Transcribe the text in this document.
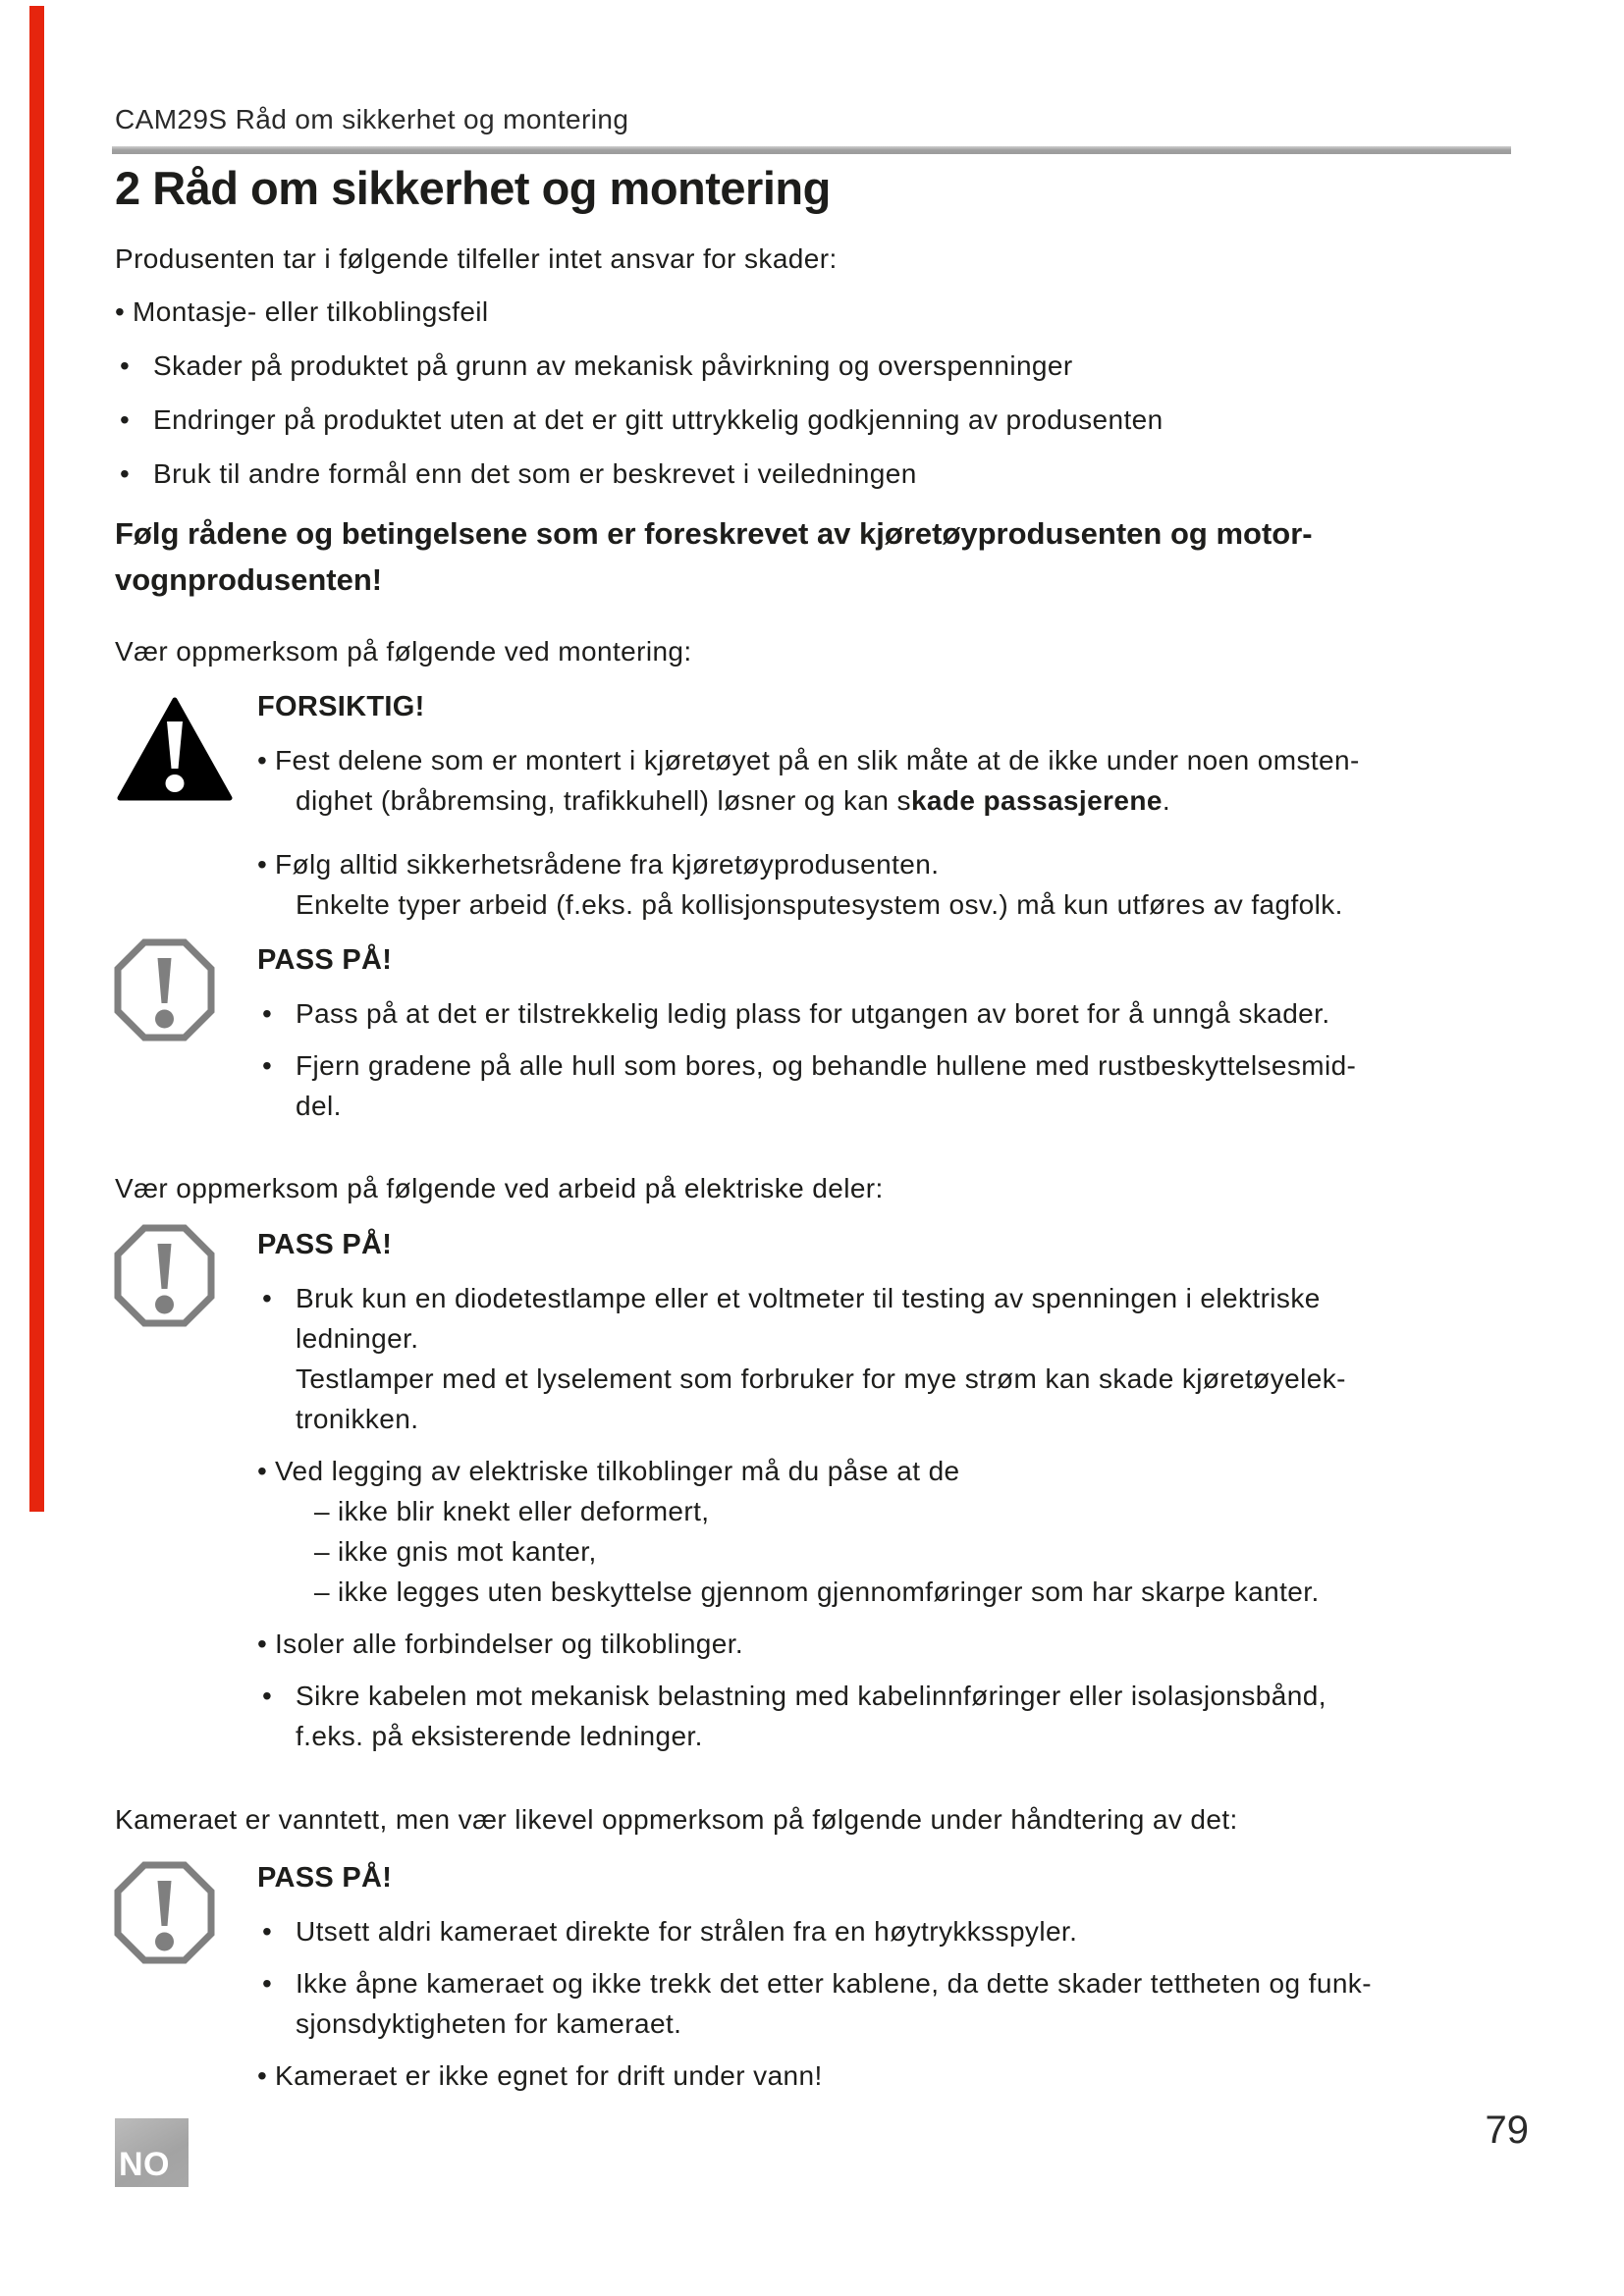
CAM29S Råd om sikkerhet og montering
2 Råd om sikkerhet og montering
Produsenten tar i følgende tilfeller intet ansvar for skader:
• Montasje- eller tilkoblingsfeil
• Skader på produktet på grunn av mekanisk påvirkning og overspenninger
• Endringer på produktet uten at det er gitt uttrykkelig godkjenning av produsenten
• Bruk til andre formål enn det som er beskrevet i veiledningen
Følg rådene og betingelsene som er foreskrevet av kjøretøyprodusenten og motor-
vognprodusenten!
Vær oppmerksom på følgende ved montering:
FORSIKTIG!
• Fest delene som er montert i kjøretøyet på en slik måte at de ikke under noen omsten-
dighet (bråbremsing, trafikkuhell) løsner og kan skade passasjerene.
• Følg alltid sikkerhetsrådene fra kjøretøyprodusenten.
Enkelte typer arbeid (f.eks. på kollisjonsputesystem osv.) må kun utføres av fagfolk.
PASS PÅ!
• Pass på at det er tilstrekkelig ledig plass for utgangen av boret for å unngå skader.
• Fjern gradene på alle hull som bores, og behandle hullene med rustbeskyttelsesmid-
del.
Vær oppmerksom på følgende ved arbeid på elektriske deler:
PASS PÅ!
• Bruk kun en diodetestlampe eller et voltmeter til testing av spenningen i elektriske
ledninger.
Testlamper med et lyselement som forbruker for mye strøm kan skade kjøretøyelek-
tronikken.
• Ved legging av elektriske tilkoblinger må du påse at de
– ikke blir knekt eller deformert,
– ikke gnis mot kanter,
– ikke legges uten beskyttelse gjennom gjennomføringer som har skarpe kanter.
• Isoler alle forbindelser og tilkoblinger.
• Sikre kabelen mot mekanisk belastning med kabelinnføringer eller isolasjonsbånd,
f.eks. på eksisterende ledninger.
Kameraet er vanntett, men vær likevel oppmerksom på følgende under håndtering av det:
PASS PÅ!
• Utsett aldri kameraet direkte for strålen fra en høytrykksspyler.
• Ikke åpne kameraet og ikke trekk det etter kablene, da dette skader tettheten og funk-
sjonsdyktigheten for kameraet.
• Kameraet er ikke egnet for drift under vann!
79
NO
